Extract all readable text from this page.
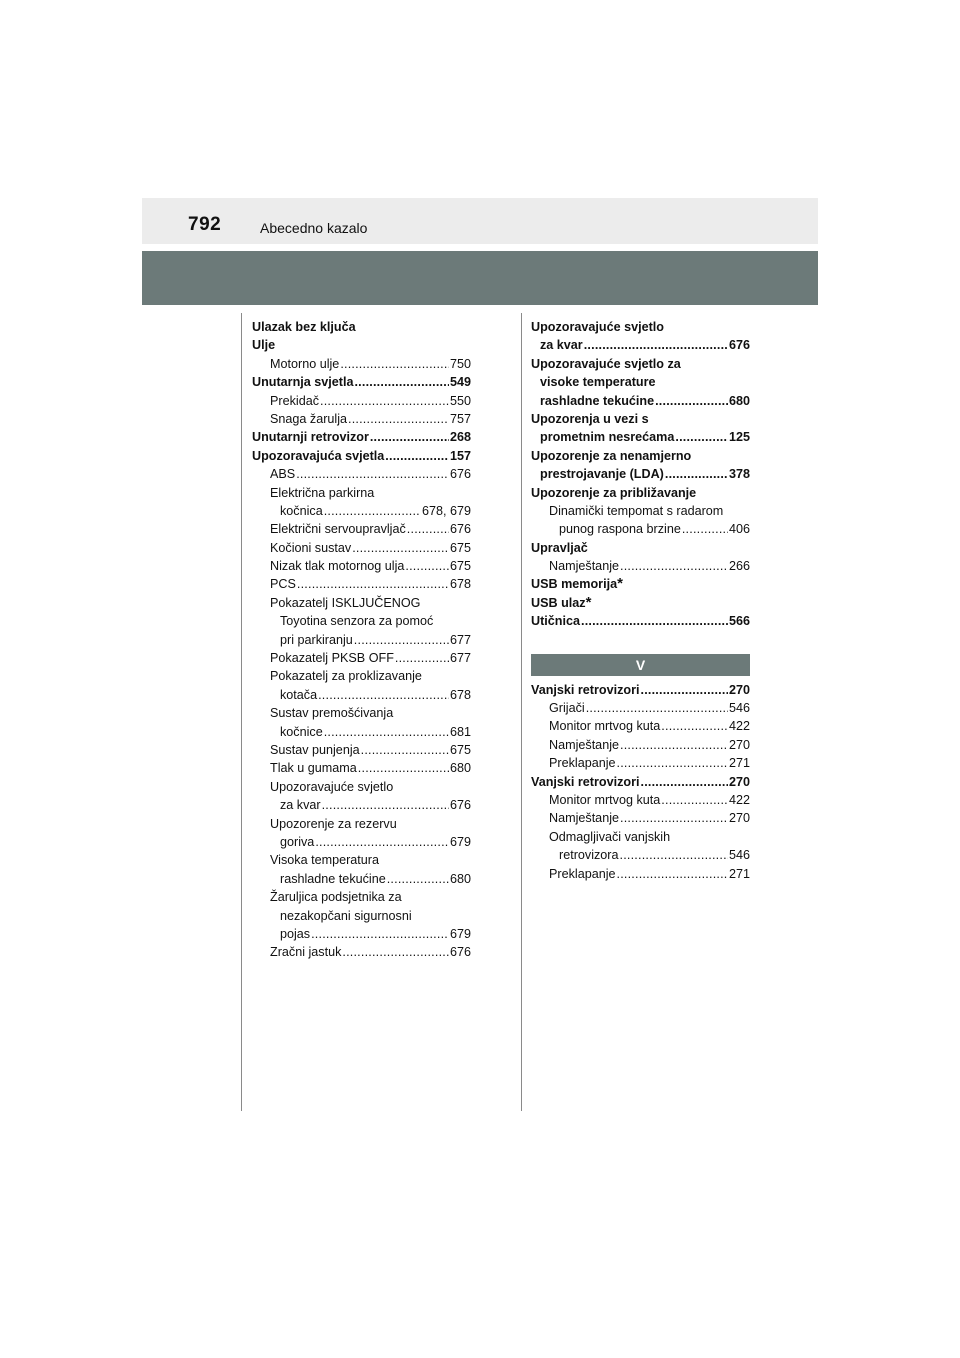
792	Abecedno kazalo
Ulazak bez ključa
Ulje
Motorno ulje .....	750
Unutarnja svjetla .....	549
Prekidač .....	550
Snaga žarulja .....	757
Unutarnji retrovizor .....	268
Upozoravajuća svjetla .....	157
ABS .....	676
Električna parkirna
kočnica .....	678, 679
Električni servoupravljač .....	676
Kočioni sustav .....	675
Nizak tlak motornog ulja .....	675
PCS .....	678
Pokazatelj ISKLJUČENOG
Toyotina senzora za pomoć
pri parkiranju .....	677
Pokazatelj PKSB OFF .....	677
Pokazatelj za proklizavanje
kotača .....	678
Sustav premošćivanja
kočnice .....	681
Sustav punjenja .....	675
Tlak u gumama .....	680
Upozoravajuće svjetlo
za kvar .....	676
Upozorenje za rezervu
goriva .....	679
Visoka temperatura
rashladne tekućine .....	680
Žaruljica podsjetnika za
nezakopčani sigurnosni
pojas .....	679
Zračni jastuk .....	676
Upozoravajuće svjetlo
za kvar .....	676
Upozoravajuće svjetlo za
visoke temperature
rashladne tekućine .....	680
Upozorenja u vezi s
prometnim nesrećama .....	125
Upozorenje za nenamjerno
prestrojavanje (LDA) .....	378
Upozorenje za približavanje
Dinamički tempomat s radarom
punog raspona brzine .....	406
Upravljač
Namještanje .....	266
USB memorija *
USB ulaz *
Utičnica .....	566
V
Vanjski retrovizori .....	270
Grijači .....	546
Monitor mrtvog kuta .....	422
Namještanje .....	270
Preklapanje .....	271
Vanjski retrovizori .....	270
Monitor mrtvog kuta .....	422
Namještanje .....	270
Odmagljivači vanjskih
retrovizora .....	546
Preklapanje .....	271
